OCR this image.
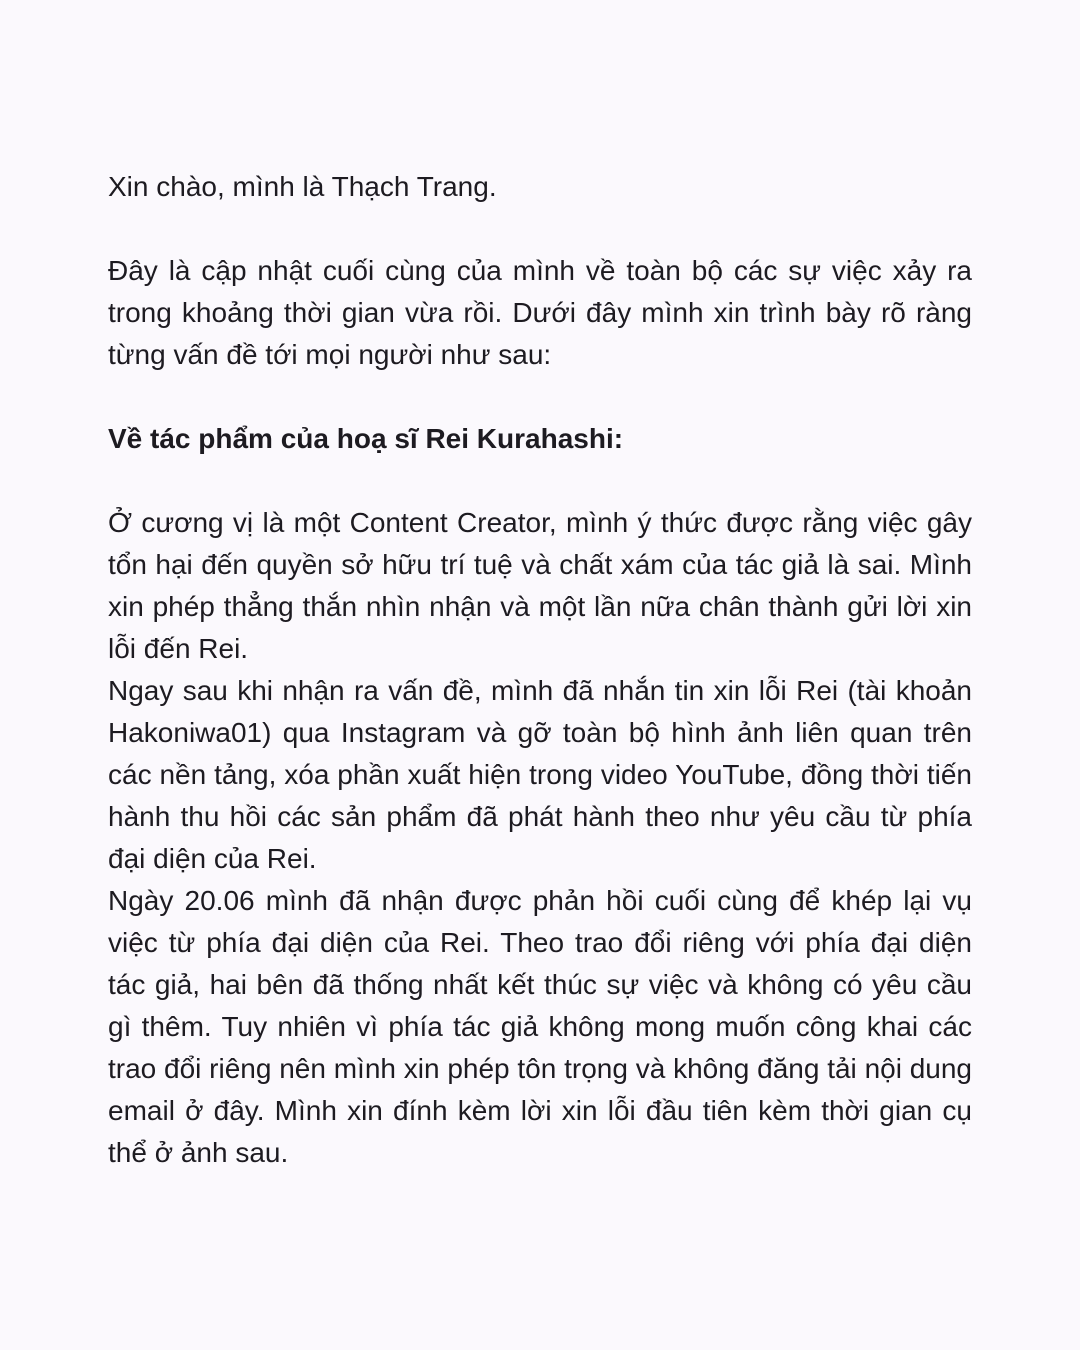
Xin chào, mình là Thạch Trang.

Đây là cập nhật cuối cùng của mình về toàn bộ các sự việc xảy ra trong khoảng thời gian vừa rồi. Dưới đây mình xin trình bày rõ ràng từng vấn đề tới mọi người như sau:

Về tác phẩm của hoạ sĩ Rei Kurahashi:

Ở cương vị là một Content Creator, mình ý thức được rằng việc gây tổn hại đến quyền sở hữu trí tuệ và chất xám của tác giả là sai. Mình xin phép thẳng thắn nhìn nhận và một lần nữa chân thành gửi lời xin lỗi đến Rei.

Ngay sau khi nhận ra vấn đề, mình đã nhắn tin xin lỗi Rei (tài khoản Hakoniwa01) qua Instagram và gỡ toàn bộ hình ảnh liên quan trên các nền tảng, xóa phần xuất hiện trong video YouTube, đồng thời tiến hành thu hồi các sản phẩm đã phát hành theo như yêu cầu từ phía đại diện của Rei.

Ngày 20.06 mình đã nhận được phản hồi cuối cùng để khép lại vụ việc từ phía đại diện của Rei. Theo trao đổi riêng với phía đại diện tác giả, hai bên đã thống nhất kết thúc sự việc và không có yêu cầu gì thêm. Tuy nhiên vì phía tác giả không mong muốn công khai các trao đổi riêng nên mình xin phép tôn trọng và không đăng tải nội dung email ở đây. Mình xin đính kèm lời xin lỗi đầu tiên kèm thời gian cụ thể ở ảnh sau.
